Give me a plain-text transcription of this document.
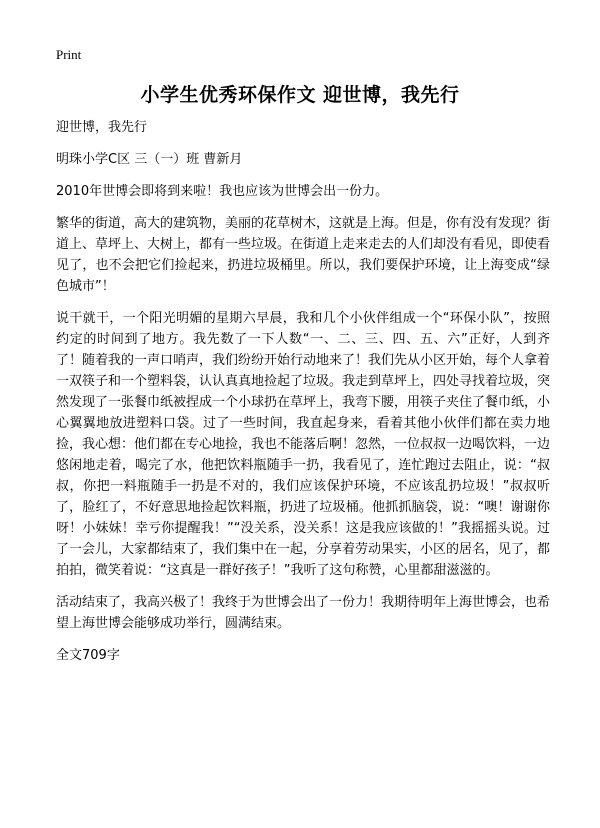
Print
小学生优秀环保作文 迎世博，我先行

迎世博，我先行

明珠小学C区 三（一）班 曹新月

2010年世博会即将到来啦！我也应该为世博会出一份力。

繁华的街道，高大的建筑物，美丽的花草树木，这就是上海。但是，你有没有发现？街道上、草坪上、大树上，都有一些垃圾。在街道上走来走去的人们却没有看见，即使看见了，也不会把它们捡起来，扔进垃圾桶里。所以，我们要保护环境，让上海变成“绿色城市”！

说干就干，一个阳光明媚的星期六早晨，我和几个小伙伴组成一个“环保小队”，按照约定的时间到了地方。我先数了一下人数“一、二、三、四、五、六”正好，人到齐了！随着我的一声口哨声，我们纷纷开始行动地来了！我们先从小区开始，每个人拿着一双筷子和一个塑料袋，认认真真地捡起了垃圾。我走到草坪上，四处寻找着垃圾，突然发现了一张餐巾纸被捏成一个小球扔在草坪上，我弯下腰，用筷子夹住了餐巾纸，小心翼翼地放进塑料口袋。过了一些时间，我直起身来，看着其他小伙伴们都在卖力地捡，我心想：他们都在专心地捡，我也不能落后啊！忽然，一位叔叔一边喝饮料，一边悠闲地走着，喝完了水，他把饮料瓶随手一扔，我看见了，连忙跑过去阻止，说：“叔叔，你把一料瓶随手一扔是不对的，我们应该保护环境，不应该乱扔垃圾！”叔叔听了，脸红了，不好意思地捡起饮料瓶，扔进了垃圾桶。他抓抓脑袋，说：“噢！谢谢你呀！小妹妹！幸亏你提醒我！”“没关系，没关系！这是我应该做的！”我摇摇头说。过了一会儿，大家都结束了，我们集中在一起，分享着劳动果实，小区的居名，见了，都拍拍，微笑着说：“这真是一群好孩子！”我听了这句称赞，心里都甜滋滋的。

活动结束了，我高兴极了！我终于为世博会出了一份力！我期待明年上海世博会，也希望上海世博会能够成功举行，圆满结束。

全文709字
